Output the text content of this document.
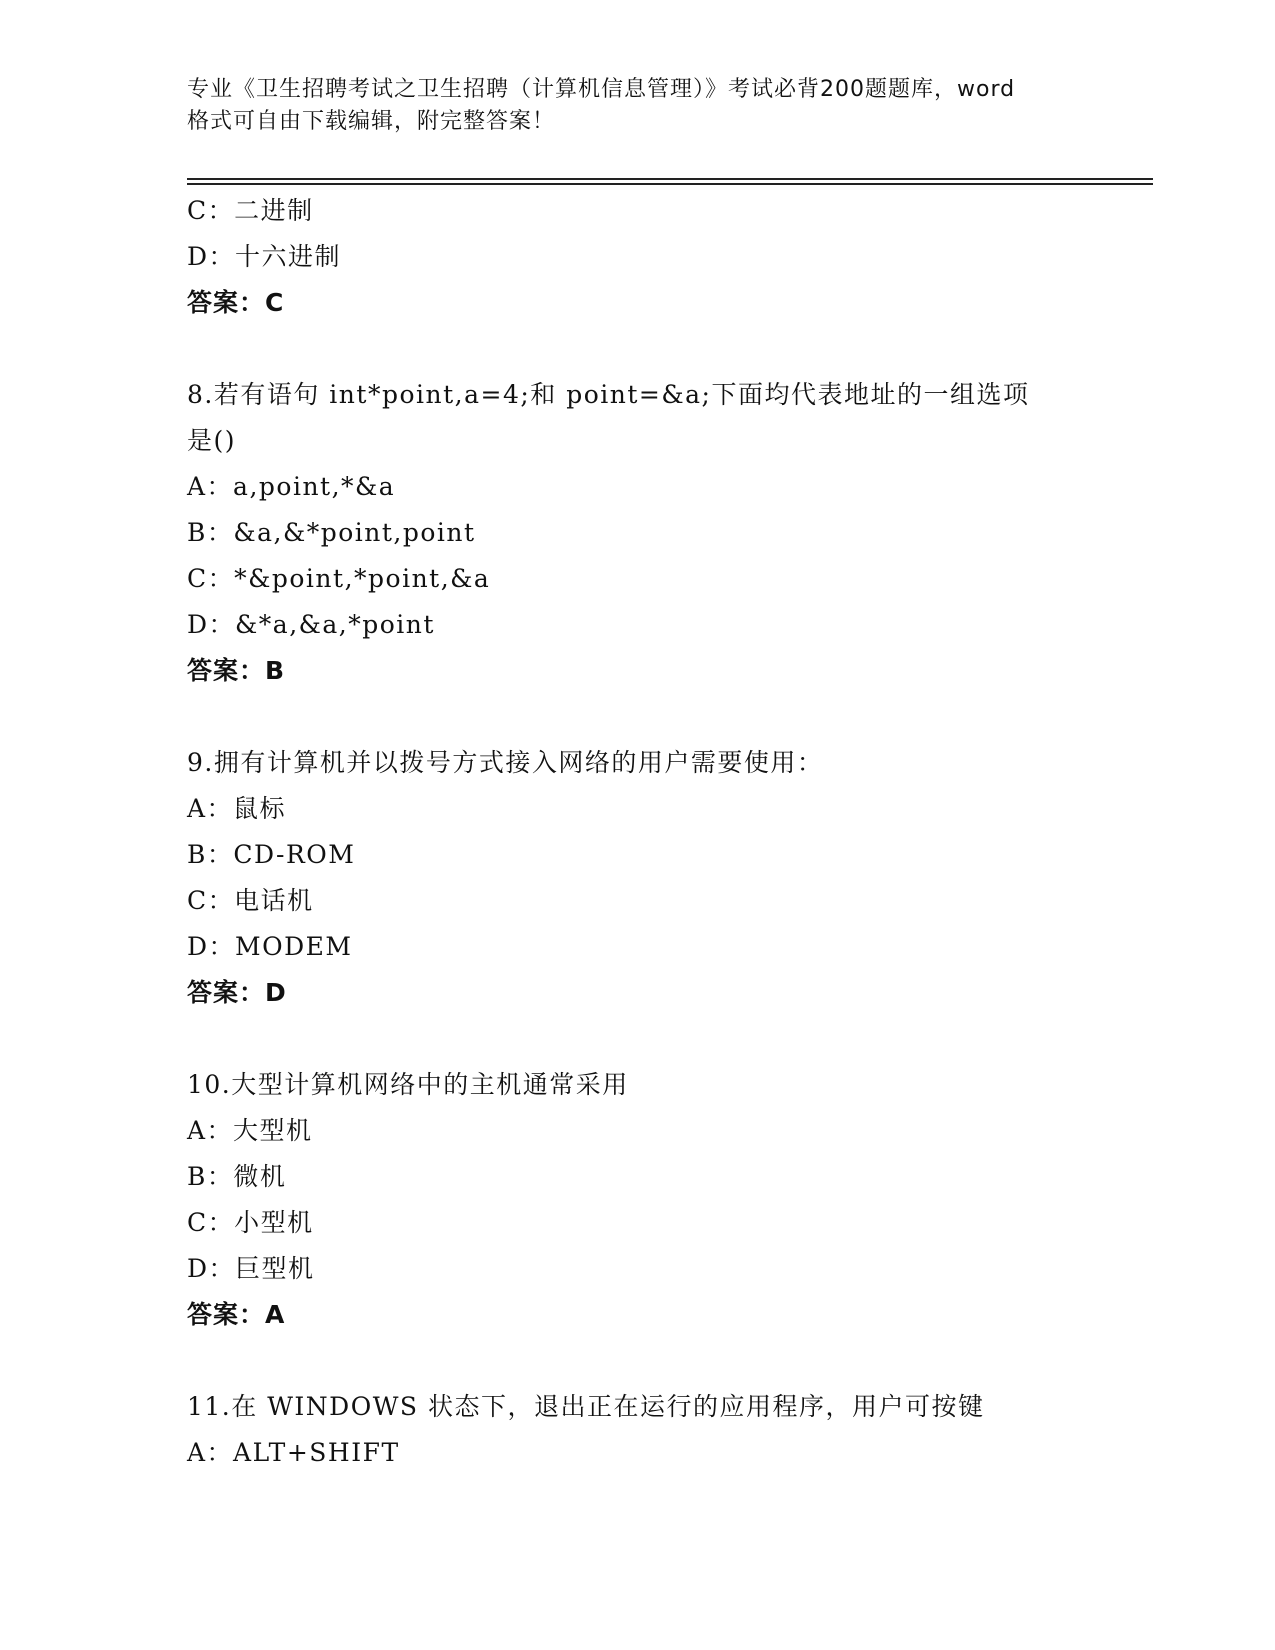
专业《卫生招聘考试之卫生招聘（计算机信息管理）》考试必背200题题库，word
格式可自由下载编辑，附完整答案！
C：二进制
D：十六进制
答案：C
8.若有语句 int*point,a=4;和 point=&a;下面均代表地址的一组选项
是()
A：a,point,*&a
B：&a,&*point,point
C：*&point,*point,&a
D：&*a,&a,*point
答案：B
9.拥有计算机并以拨号方式接入网络的用户需要使用：
A：鼠标
B：CD-ROM
C：电话机
D：MODEM
答案：D
10.大型计算机网络中的主机通常采用
A：大型机
B：微机
C：小型机
D：巨型机
答案：A
11.在 WINDOWS 状态下，退出正在运行的应用程序，用户可按键
A：ALT+SHIFT
